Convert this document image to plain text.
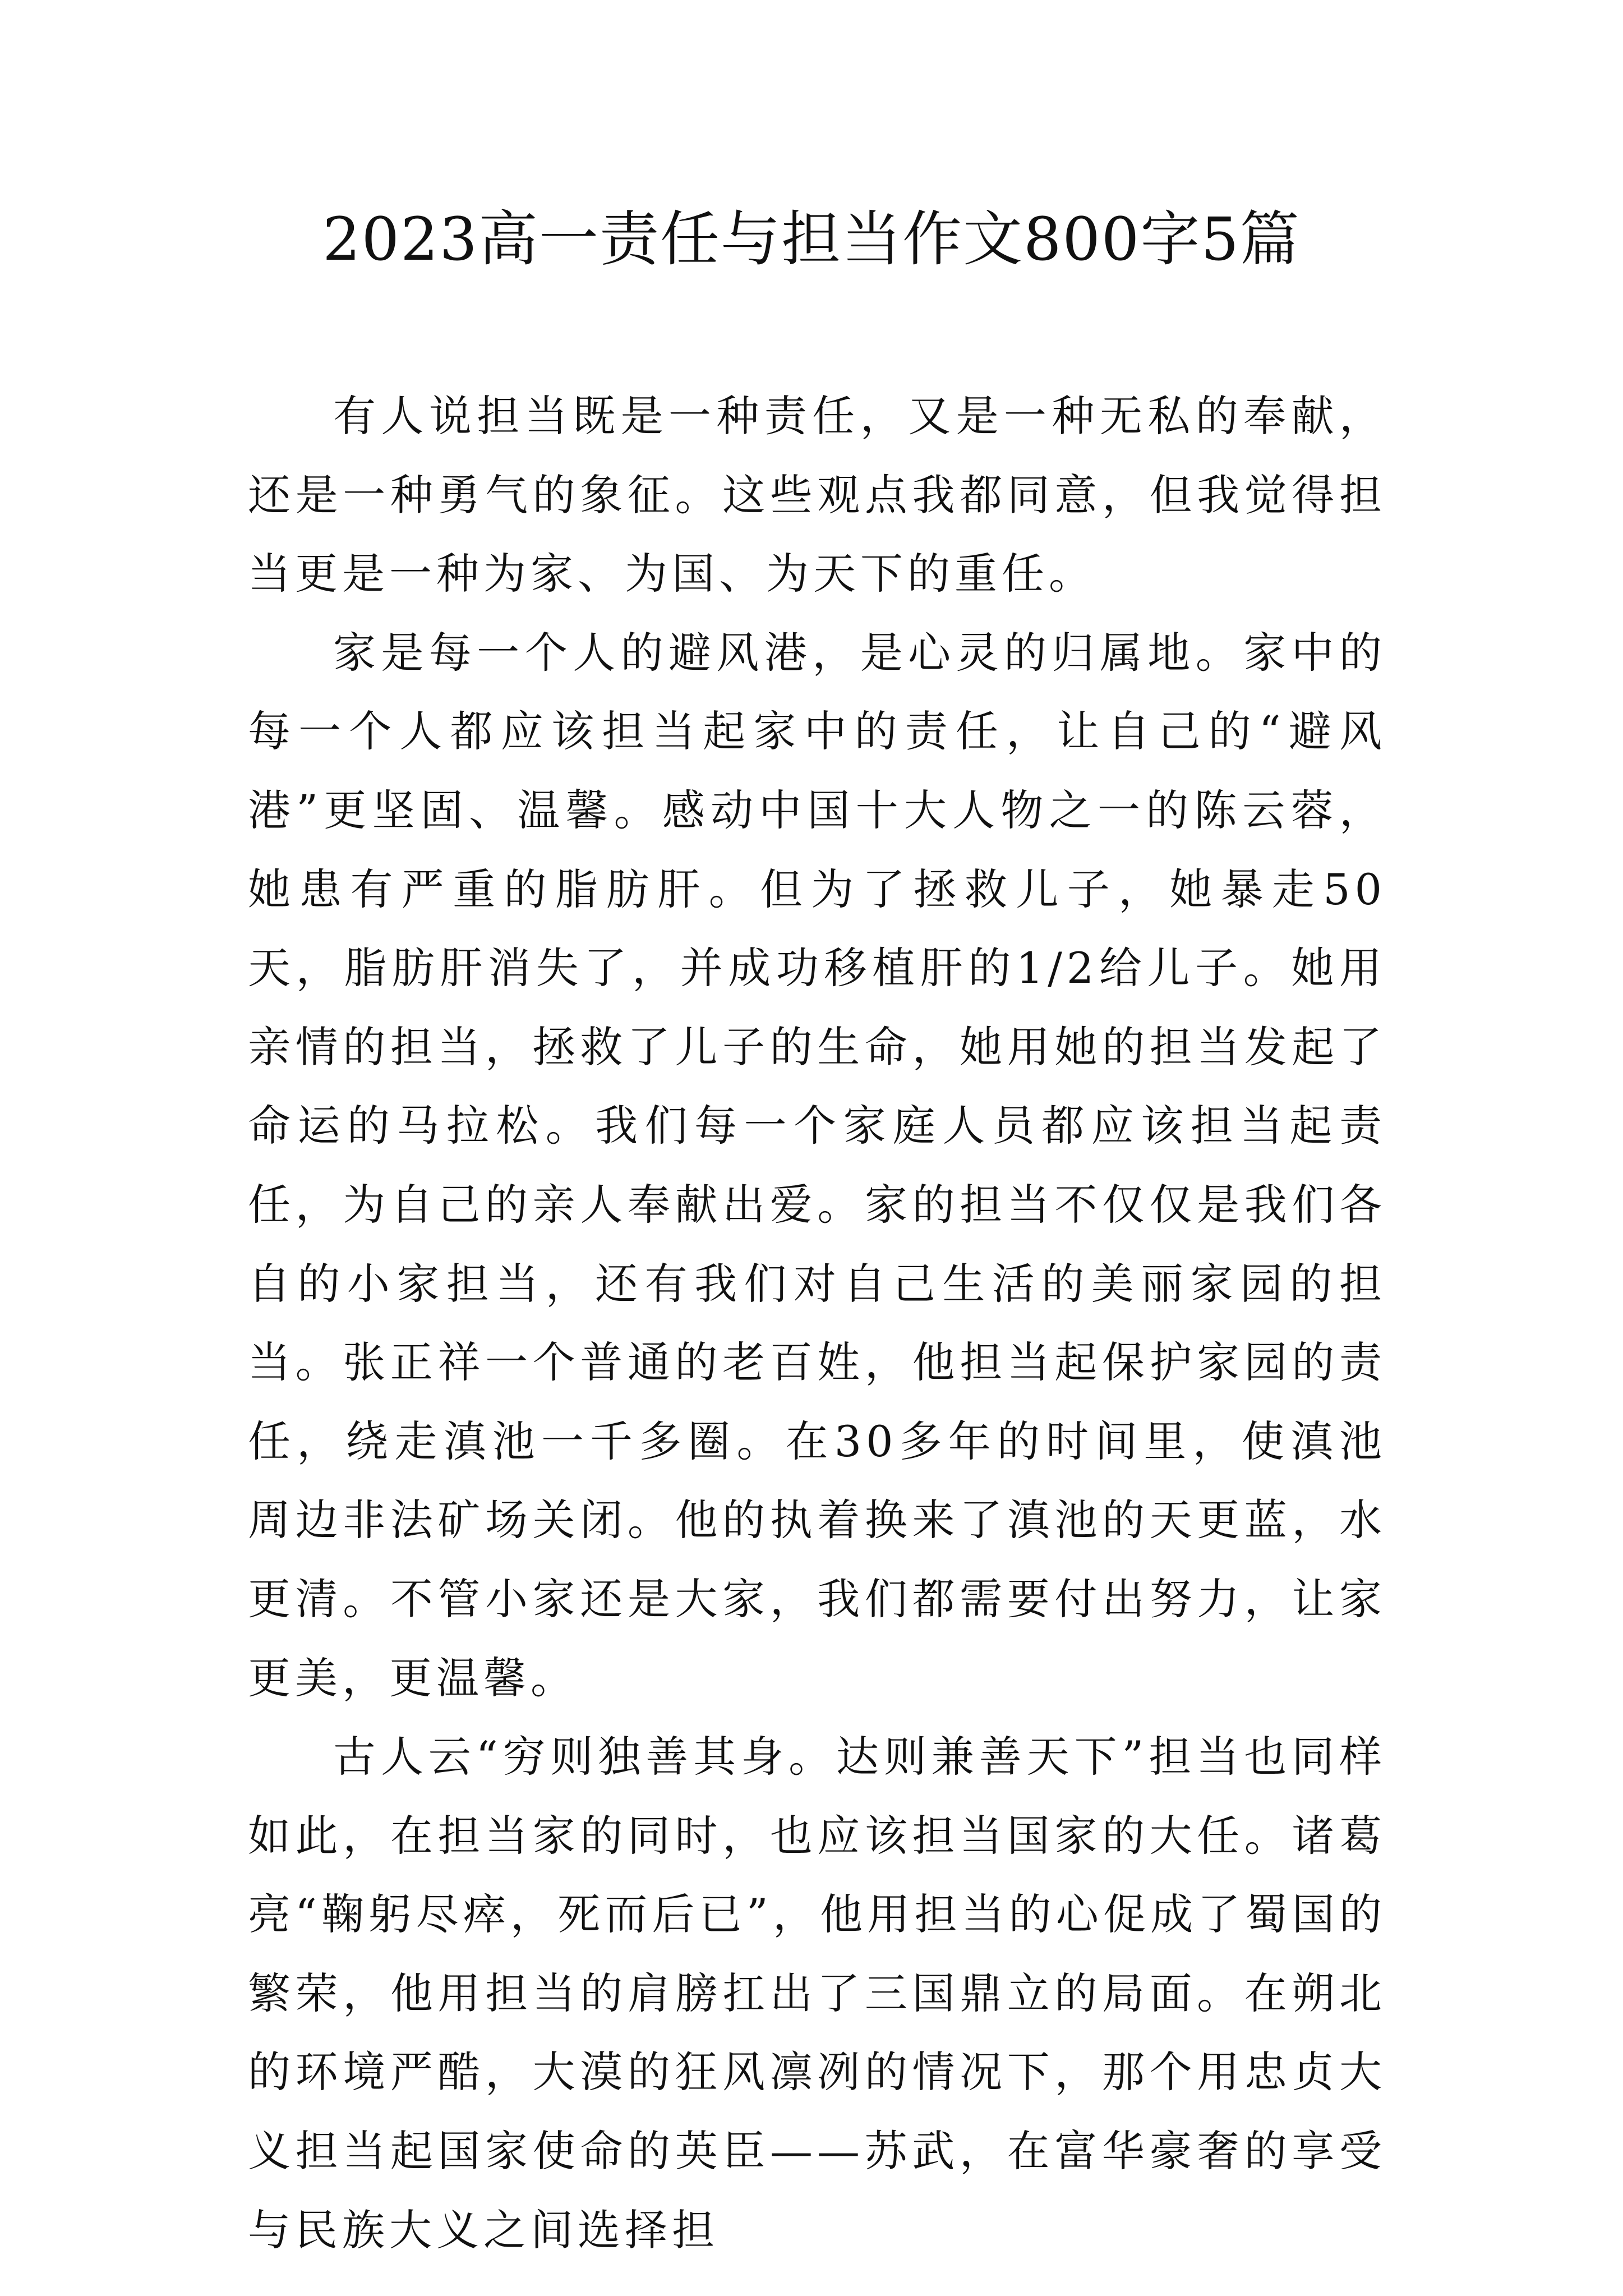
2023高一责任与担当作文800字5篇

有人说担当既是一种责任，又是一种无私的奉献，还是一种勇气的象征。这些观点我都同意，但我觉得担当更是一种为家、为国、为天下的重任。

家是每一个人的避风港，是心灵的归属地。家中的每一个人都应该担当起家中的责任，让自己的“避风港”更坚固、温馨。感动中国十大人物之一的陈云蓉，她患有严重的脂肪肝。但为了拯救儿子，她暴走50天，脂肪肝消失了，并成功移植肝的1/2给儿子。她用亲情的担当，拯救了儿子的生命，她用她的担当发起了命运的马拉松。我们每一个家庭人员都应该担当起责任，为自己的亲人奉献出爱。家的担当不仅仅是我们各自的小家担当，还有我们对自己生活的美丽家园的担当。张正祥一个普通的老百姓，他担当起保护家园的责任，绕走滇池一千多圈。在30多年的时间里，使滇池周边非法矿场关闭。他的执着换来了滇池的天更蓝，水更清。不管小家还是大家，我们都需要付出努力，让家更美，更温馨。

古人云“穷则独善其身。达则兼善天下”担当也同样如此，在担当家的同时，也应该担当国家的大任。诸葛亮“鞠躬尽瘁，死而后已”，他用担当的心促成了蜀国的繁荣，他用担当的肩膀扛出了三国鼎立的局面。在朔北的环境严酷，大漠的狂风凛冽的情况下，那个用忠贞大义担当起国家使命的英臣——苏武，在富华豪奢的享受与民族大义之间选择担
